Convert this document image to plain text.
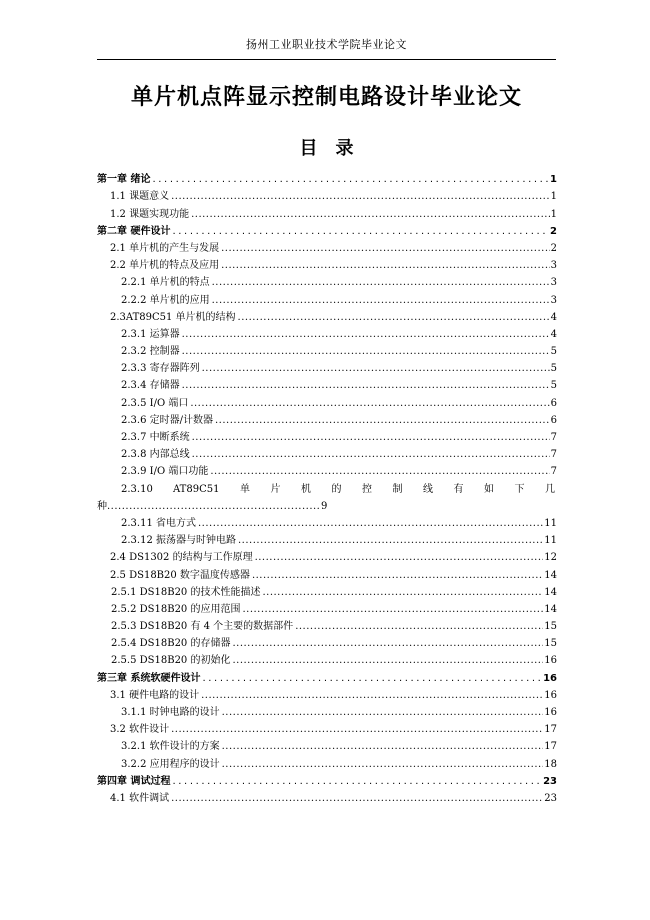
扬州工业职业技术学院毕业论文
单片机点阵显示控制电路设计毕业论文
目　录
第一章 绪论 .....	1
1.1 课题意义 .....	1
1.2 课题实现功能 .....	1
第二章 硬件设计 .....	2
2.1 单片机的产生与发展 .....	2
2.2 单片机的特点及应用 .....	3
2.2.1 单片机的特点 .....	3
2.2.2 单片机的应用 .....	3
2.3AT89C51 单片机的结构 .....	4
2.3.1 运算器 .....	4
2.3.2 控制器 .....	5
2.3.3 寄存器阵列 .....	5
2.3.4 存储器 .....	5
2.3.5 I/O 端口 .....	6
2.3.6 定时器/计数器 .....	6
2.3.7 中断系统 .....	7
2.3.8 内部总线 .....	7
2.3.9 I/O 端口功能 .....	7
2.3.10	AT89C51 单 片 机 的 控 制 线 有 如 下 几
种 .....	9
2.3.11 省电方式 .....	11
2.3.12 振荡器与时钟电路 .....	11
2.4 DS1302 的结构与工作原理 .....	12
2.5 DS18B20 数字温度传感器 .....	14
2.5.1 DS18B20 的技术性能描述 .....	14
2.5.2 DS18B20 的应用范围 .....	14
2.5.3 DS18B20 有 4 个主要的数据部件 .....	15
2.5.4 DS18B20 的存储器 .....	15
2.5.5 DS18B20 的初始化 .....	16
第三章 系统软硬件设计 .....	16
3.1 硬件电路的设计 .....	16
3.1.1 时钟电路的设计 .....	16
3.2 软件设计 .....	17
3.2.1 软件设计的方案 .....	17
3.2.2 应用程序的设计 .....	18
第四章 调试过程 .....	23
4.1 软件调试 .....	23
